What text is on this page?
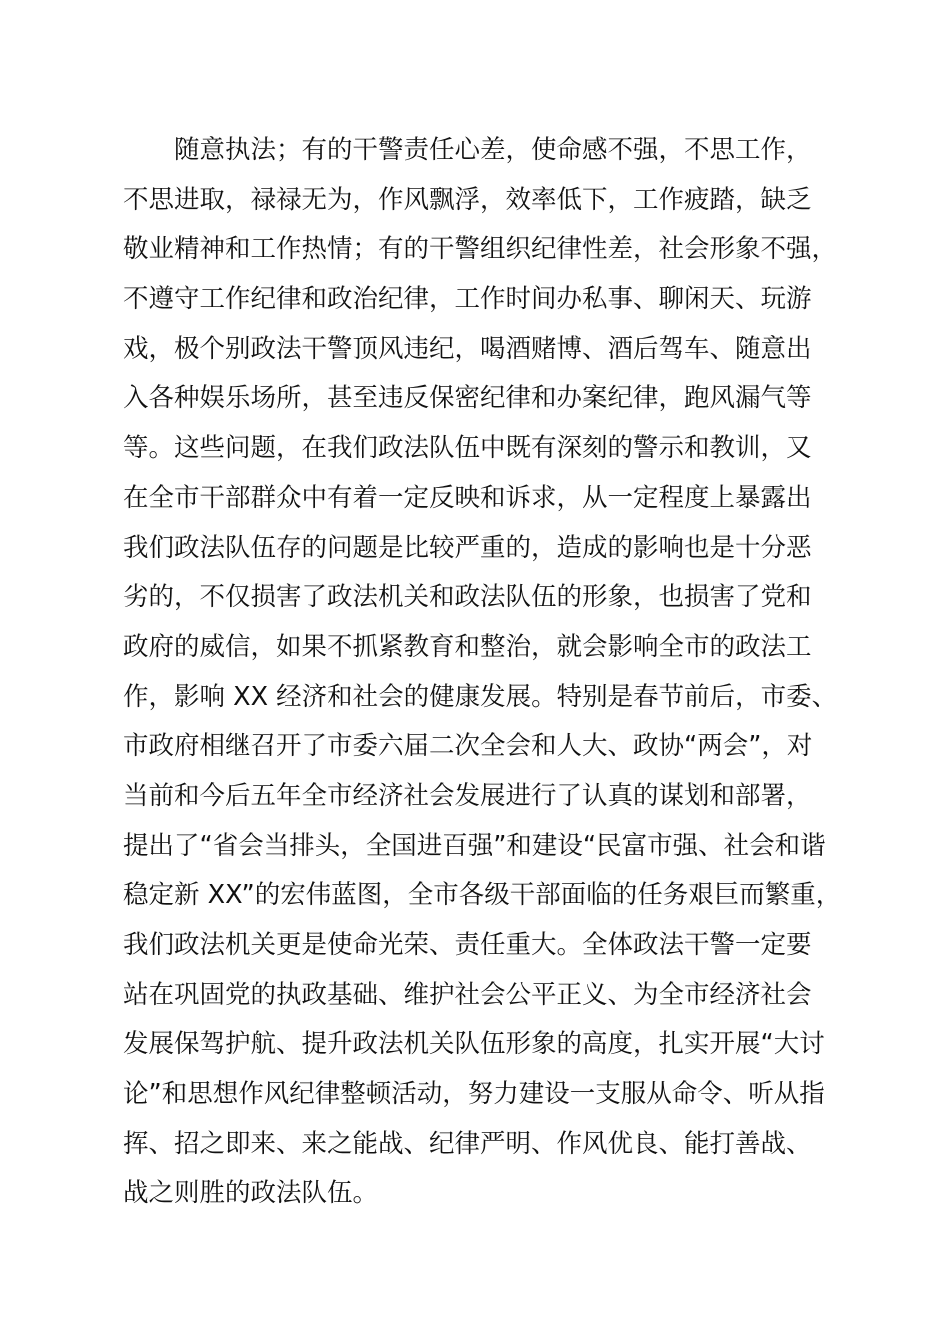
随意执法；有的干警责任心差，使命感不强，不思工作，
不思进取，禄禄无为，作风飘浮，效率低下，工作疲踏，缺乏
敬业精神和工作热情；有的干警组织纪律性差，社会形象不强，
不遵守工作纪律和政治纪律，工作时间办私事、聊闲天、玩游
戏，极个别政法干警顶风违纪，喝酒赌博、酒后驾车、随意出
入各种娱乐场所，甚至违反保密纪律和办案纪律，跑风漏气等
等。这些问题，在我们政法队伍中既有深刻的警示和教训，又
在全市干部群众中有着一定反映和诉求，从一定程度上暴露出
我们政法队伍存的问题是比较严重的，造成的影响也是十分恶
劣的，不仅损害了政法机关和政法队伍的形象，也损害了党和
政府的威信，如果不抓紧教育和整治，就会影响全市的政法工
作，影响 XX 经济和社会的健康发展。特别是春节前后，市委、
市政府相继召开了市委六届二次全会和人大、政协“两会”，对
当前和今后五年全市经济社会发展进行了认真的谋划和部署，
提出了“省会当排头，全国进百强”和建设“民富市强、社会和谐
稳定新 XX”的宏伟蓝图，全市各级干部面临的任务艰巨而繁重，
我们政法机关更是使命光荣、责任重大。全体政法干警一定要
站在巩固党的执政基础、维护社会公平正义、为全市经济社会
发展保驾护航、提升政法机关队伍形象的高度，扎实开展“大讨
论”和思想作风纪律整顿活动，努力建设一支服从命令、听从指
挥、招之即来、来之能战、纪律严明、作风优良、能打善战、
战之则胜的政法队伍。
